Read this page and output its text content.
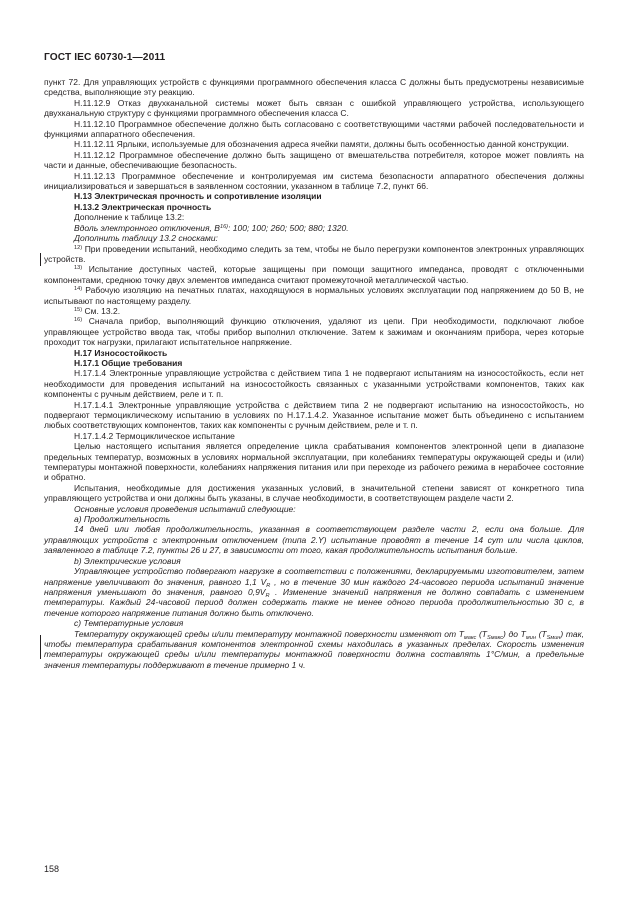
ГОСТ IEC 60730-1—2011

пункт 72. Для управляющих устройств с функциями программного обеспечения класса С должны быть предусмотрены независимые средства, выполняющие эту реакцию.

Н.11.12.9 Отказ двухканальной системы может быть связан с ошибкой управляющего устройства, использующего двухканальную структуру с функциями программного обеспечения класса С.

Н.11.12.10 Программное обеспечение должно быть согласовано с соответствующими частями рабочей последовательности и функциями аппаратного обеспечения.

Н.11.12.11 Ярлыки, используемые для обозначения адреса ячейки памяти, должны быть особенностью данной конструкции.

Н.11.12.12 Программное обеспечение должно быть защищено от вмешательства потребителя, которое может повлиять на части и данные, обеспечивающие безопасность.

Н.11.12.13 Программное обеспечение и контролируемая им система безопасности аппаратного обеспечения должны инициализироваться и завершаться в заявленном состоянии, указанном в таблице 7.2, пункт 66.

Н.13 Электрическая прочность и сопротивление изоляции

Н.13.2 Электрическая прочность

Дополнение к таблице 13.2:

Вдоль электронного отключения, $В^{16)}$: 100; 100; 260; 500; 880; 1320.

Дополнить таблицу 13.2 сносками:

$^{12)}$ При проведении испытаний, необходимо следить за тем, чтобы не было перегрузки компонентов электронных управляющих устройств.

$^{13)}$ Испытание доступных частей, которые защищены при помощи защитного импеданса, проводят с отключенными компонентами, среднюю точку двух элементов импеданса считают промежуточной металлической частью.

$^{14)}$ Рабочую изоляцию на печатных платах, находящуюся в нормальных условиях эксплуатации под напряжением до 50 В, не испытывают по настоящему разделу.

$^{15)}$ См. 13.2.

$^{16)}$ Сначала прибор, выполняющий функцию отключения, удаляют из цепи. При необходимости, подключают любое управляющее устройство ввода так, чтобы прибор выполнил отключение. Затем к зажимам и окончаниям прибора, через которые проходит ток нагрузки, прилагают испытательное напряжение.

Н.17 Износостойкость

Н.17.1 Общие требования

Н.17.1.4 Электронные управляющие устройства с действием типа 1 не подвергают испытаниям на износостойкость, если нет необходимости для проведения испытаний на износостойкость связанных с указанными устройствами компонентов, таких как компоненты с ручным действием, реле и т. п.

Н.17.1.4.1 Электронные управляющие устройства с действием типа 2 не подвергают испытанию на износостойкость, но подвергают термоциклическому испытанию в условиях по Н.17.1.4.2. Указанное испытание может быть объединено с испытанием любых соответствующих компонентов, таких как компоненты с ручным действием, реле и т. п.

Н.17.1.4.2 Термоциклическое испытание

Целью настоящего испытания является определение цикла срабатывания компонентов электронной цепи в диапазоне предельных температур, возможных в условиях нормальной эксплуатации, при колебаниях температуры окружающей среды и (или) температуры монтажной поверхности, колебаниях напряжения питания или при переходе из рабочего режима в нерабочее состояние и обратно.

Испытания, необходимые для достижения указанных условий, в значительной степени зависят от конкретного типа управляющего устройства и они должны быть указаны, в случае необходимости, в соответствующем разделе части 2.

Основные условия проведения испытаний следующие:

a) Продолжительность

14 дней или любая продолжительность, указанная в соответствующем разделе части 2, если она больше. Для управляющих устройств с электронным отключением (типа 2.Y) испытание проводят в течение 14 сут или числа циклов, заявленного в таблице 7.2, пункты 26 и 27, в зависимости от того, какая продолжительность испытания больше.

b) Электрические условия

Управляющее устройство подвергают нагрузке в соответствии с положениями, декларируемыми изготовителем, затем напряжение увеличивают до значения, равного 1,1 $V_R$ , но в течение 30 мин каждого 24-часового периода испытаний значение напряжения уменьшают до значения, равного $0,9V_R$ . Изменение значений напряжения не должно совпадать с изменением температуры. Каждый 24-часовой период должен содержать также не менее одного периода продолжительностью 30 с, в течение которого напряжение питания должно быть отключено.

c) Температурные условия

Температуру окружающей среды и/или температуру монтажной поверхности изменяют от $T_{макс}$ $(T_{Sмакс})$ до $T_{мин}$ $(T_{Sмин})$ так, чтобы температура срабатывания компонентов электронной схемы находилась в указанных пределах. Скорость изменения температуры окружающей среды и/или температуры монтажной поверхности должна составлять 1°С/мин, а предельные значения температуры поддерживают в течение примерно 1 ч.

158
